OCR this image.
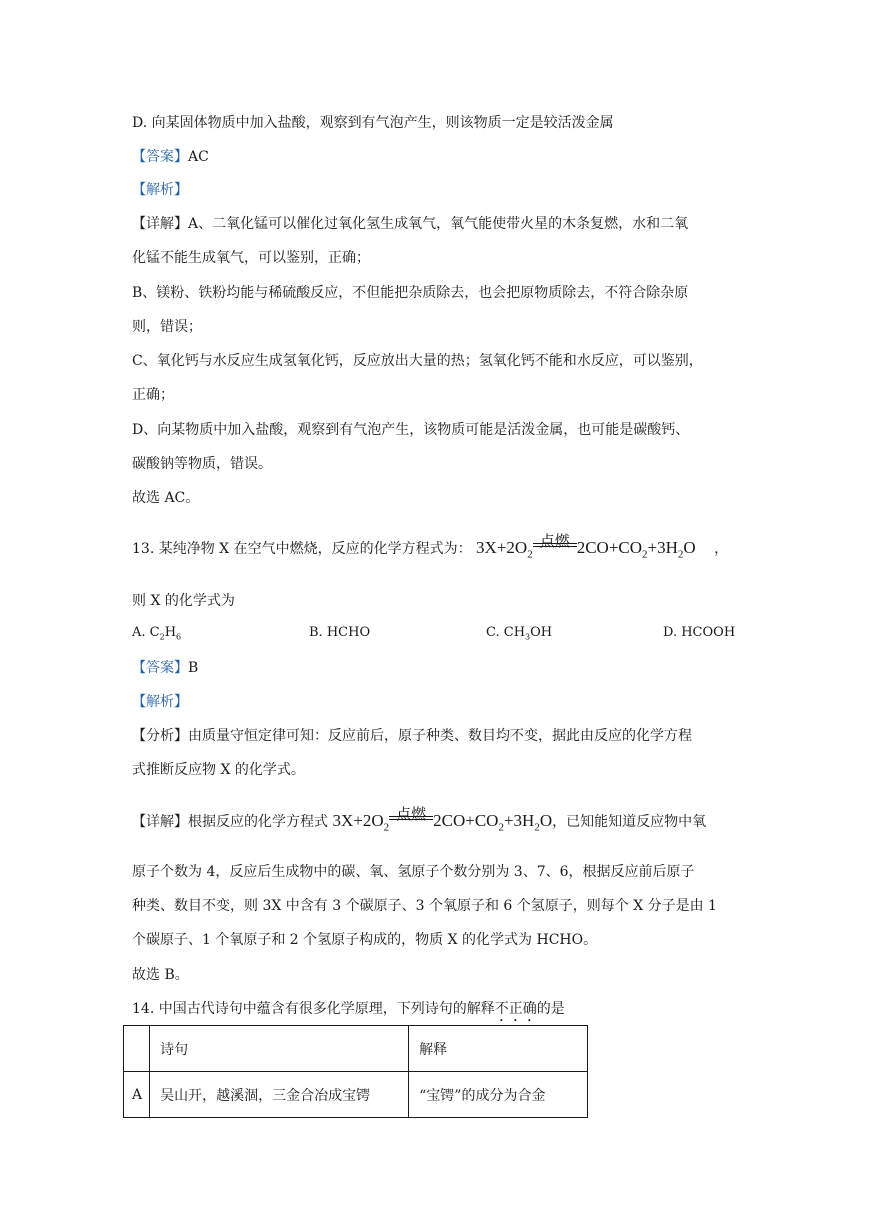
D. 向某固体物质中加入盐酸，观察到有气泡产生，则该物质一定是较活泼金属
【答案】AC
【解析】
【详解】A、二氧化锰可以催化过氧化氢生成氧气，氧气能使带火星的木条复燃，水和二氧
化锰不能生成氧气，可以鉴别，正确；
B、镁粉、铁粉均能与稀硫酸反应，不但能把杂质除去，也会把原物质除去，不符合除杂原
则，错误；
C、氧化钙与水反应生成氢氧化钙，反应放出大量的热；氢氧化钙不能和水反应，可以鉴别，
正确；
D、向某物质中加入盐酸，观察到有气泡产生，该物质可能是活泼金属，也可能是碳酸钙、
碳酸钠等物质，错误。
故选 AC。
13. 某纯净物 X 在空气中燃烧，反应的化学方程式为： $3X+2O_2$
点燃 $2CO+CO_2+3H_2O$ ，
则 X 的化学式为
A. $C_2H_6$	B. HCHO	C. $CH_3OH$	D. HCOOH
【答案】B
【解析】
【分析】由质量守恒定律可知：反应前后，原子种类、数目均不变，据此由反应的化学方程
式推断反应物 X 的化学式。
【详解】根据反应的化学方程式 $3X+2O_2$
点燃 $2CO+CO_2+3H_2O$，已知能知道反应物中氧
原子个数为 4，反应后生成物中的碳、氧、氢原子个数分别为 3、7、6，根据反应前后原子
种类、数目不变，则 3X 中含有 3 个碳原子、3 个氧原子和 6 个氢原子，则每个 X 分子是由 1
个碳原子、1 个氧原子和 2 个氢原子构成的，物质 X 的化学式为 HCHO。
故选 B。
14. 中国古代诗句中蕴含有很多化学原理，下列诗句的解释不正确的是
	诗句	解释
A	吴山开，越溪涸，三金合冶成宝锷	“宝锷”的成分为合金
